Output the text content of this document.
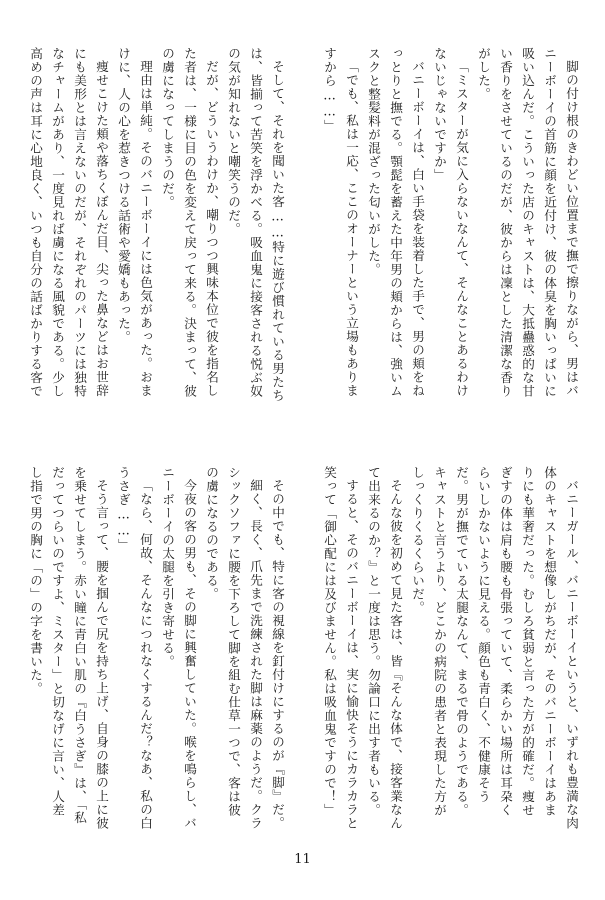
脚の付け根のきわどい位置まで撫で擦りながら、男はバニーボーイの首筋に顔を近付け、彼の体臭を胸いっぱいに吸い込んだ。こういった店のキャストは、大抵蠱惑的な甘い香りをさせているのだが、彼からは凜とした清潔な香りがした。

「ミスターが気に入らないなんて、そんなことあるわけないじゃないですか」

バニーボーイは、白い手袋を装着した手で、男の頬をねっとりと撫でる。顎髭を蓄えた中年男の頬からは、強いムスクと整髪料が混ざった匂いがした。

「でも、私は一応、ここのオーナーという立場もありますから……」

バニーガール、バニーボーイというと、いずれも豊満な肉体のキャストを想像しがちだが、そのバニーボーイはあまりにも華奢だった。むしろ貧弱と言った方が的確だ。痩せぎすの体は肩も腰も骨張っていて、柔らかい場所は耳朶くらいしかないように見える。顔色も青白く、不健康そうだ。男が撫でている太腿なんて、まるで骨のようである。キャストと言うより、どこかの病院の患者と表現した方がしっくりくるくらいだ。

そんな彼を初めて見た客は、皆『そんな体で、接客業なんて出来るのか？』と一度は思う。勿論口に出す者もいる。

すると、そのバニーボーイは、実に愉快そうにカラカラと笑って「御心配には及びません。私は吸血鬼ですので！」

そして、それを聞いた客……特に遊び慣れている男たちは、皆揃って苦笑を浮かべる。吸血鬼に接客される悦ぶ奴の気が知れないと嘲笑うのだ。

だが、どういうわけか、嘲りつつ興味本位で彼を指名した者は、一様に目の色を変えて戻って来る。決まって、彼の虜になってしまうのだ。

理由は単純。そのバニーボーイには色気があった。おまけに、人の心を惹きつける話術や愛嬌もあった。

痩せこけた頬や落ちくぼんだ目、尖った鼻などはお世辞にも美形とは言えないのだが、それぞれのパーツには独特なチャームがあり、一度見れば虜になる風貌である。少し高めの声は耳に心地良く、いつも自分の話ばかりする客で

その中でも、特に客の視線を釘付けにするのが『脚』だ。

細く、長く、爪先まで洗練された脚は麻薬のようだ。クラシックソファに腰を下ろして脚を組む仕草一つで、客は彼の虜になるのである。

今夜の客の男も、その脚に興奮していた。喉を鳴らし、バニーボーイの太腿を引き寄せる。

「なら、何故、そんなにつれなくするんだ？なあ、私の白うさぎ……」

そう言って、腰を掴んで尻を持ち上げ、自身の膝の上に彼を乗せてしまう。赤い瞳に青白い肌の『白うさぎ』は、「私だってつらいのですよ、ミスター」と切なげに言い、人差し指で男の胸に「の」の字を書いた。

11
